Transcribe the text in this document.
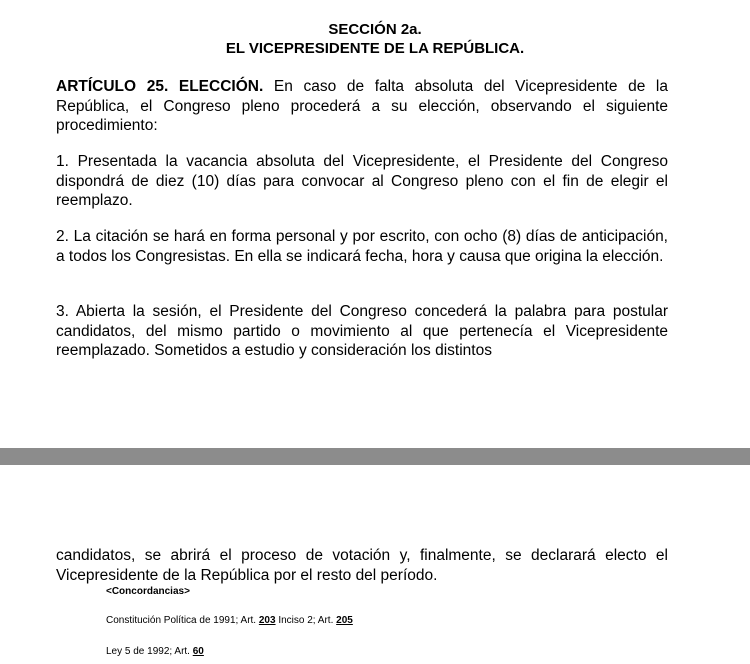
SECCIÓN 2a.
EL VICEPRESIDENTE DE LA REPÚBLICA.

ARTÍCULO 25. ELECCIÓN. En caso de falta absoluta del Vicepresidente de la República, el Congreso pleno procederá a su elección, observando el siguiente procedimiento:

1. Presentada la vacancia absoluta del Vicepresidente, el Presidente del Congreso dispondrá de diez (10) días para convocar al Congreso pleno con el fin de elegir el reemplazo.

2. La citación se hará en forma personal y por escrito, con ocho (8) días de anticipación, a todos los Congresistas. En ella se indicará fecha, hora y causa que origina la elección.

3. Abierta la sesión, el Presidente del Congreso concederá la palabra para postular candidatos, del mismo partido o movimiento al que pertenecía el Vicepresidente reemplazado. Sometidos a estudio y consideración los distintos

candidatos, se abrirá el proceso de votación y, finalmente, se declarará electo el Vicepresidente de la República por el resto del período.

<Concordancias>
Constitución Política de 1991; Art. 203 Inciso 2; Art. 205
Ley 5 de 1992; Art. 60
